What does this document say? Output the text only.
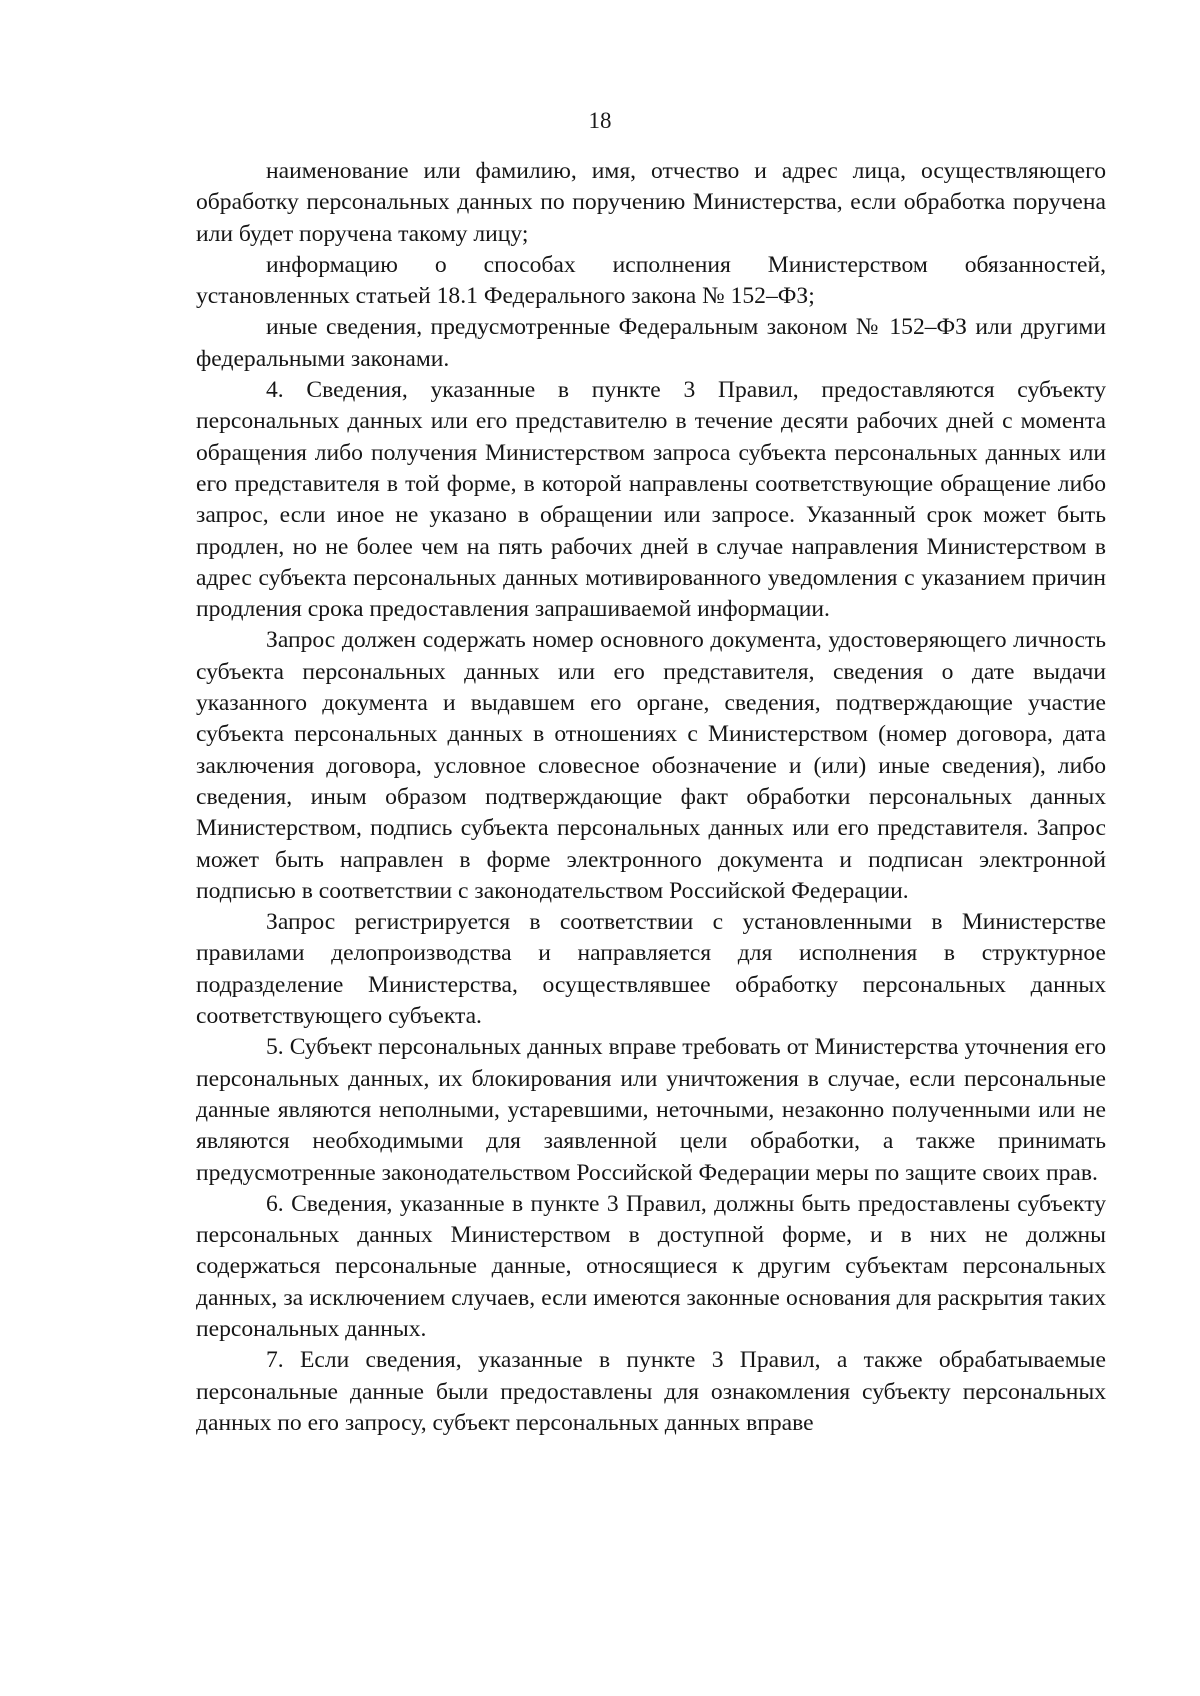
18

наименование или фамилию, имя, отчество и адрес лица, осуществляющего обработку персональных данных по поручению Министерства, если обработка поручена или будет поручена такому лицу;

информацию о способах исполнения Министерством обязанностей, установленных статьей 18.1 Федерального закона № 152–ФЗ;

иные сведения, предусмотренные Федеральным законом № 152–ФЗ или другими федеральными законами.

4. Сведения, указанные в пункте 3 Правил, предоставляются субъекту персональных данных или его представителю в течение десяти рабочих дней с момента обращения либо получения Министерством запроса субъекта персональных данных или его представителя в той форме, в которой направлены соответствующие обращение либо запрос, если иное не указано в обращении или запросе. Указанный срок может быть продлен, но не более чем на пять рабочих дней в случае направления Министерством в адрес субъекта персональных данных мотивированного уведомления с указанием причин продления срока предоставления запрашиваемой информации.

Запрос должен содержать номер основного документа, удостоверяющего личность субъекта персональных данных или его представителя, сведения о дате выдачи указанного документа и выдавшем его органе, сведения, подтверждающие участие субъекта персональных данных в отношениях с Министерством (номер договора, дата заключения договора, условное словесное обозначение и (или) иные сведения), либо сведения, иным образом подтверждающие факт обработки персональных данных Министерством, подпись субъекта персональных данных или его представителя. Запрос может быть направлен в форме электронного документа и подписан электронной подписью в соответствии с законодательством Российской Федерации.

Запрос регистрируется в соответствии с установленными в Министерстве правилами делопроизводства и направляется для исполнения в структурное подразделение Министерства, осуществлявшее обработку персональных данных соответствующего субъекта.

5. Субъект персональных данных вправе требовать от Министерства уточнения его персональных данных, их блокирования или уничтожения в случае, если персональные данные являются неполными, устаревшими, неточными, незаконно полученными или не являются необходимыми для заявленной цели обработки, а также принимать предусмотренные законодательством Российской Федерации меры по защите своих прав.

6. Сведения, указанные в пункте 3 Правил, должны быть предоставлены субъекту персональных данных Министерством в доступной форме, и в них не должны содержаться персональные данные, относящиеся к другим субъектам персональных данных, за исключением случаев, если имеются законные основания для раскрытия таких персональных данных.

7. Если сведения, указанные в пункте 3 Правил, а также обрабатываемые персональные данные были предоставлены для ознакомления субъекту персональных данных по его запросу, субъект персональных данных вправе
